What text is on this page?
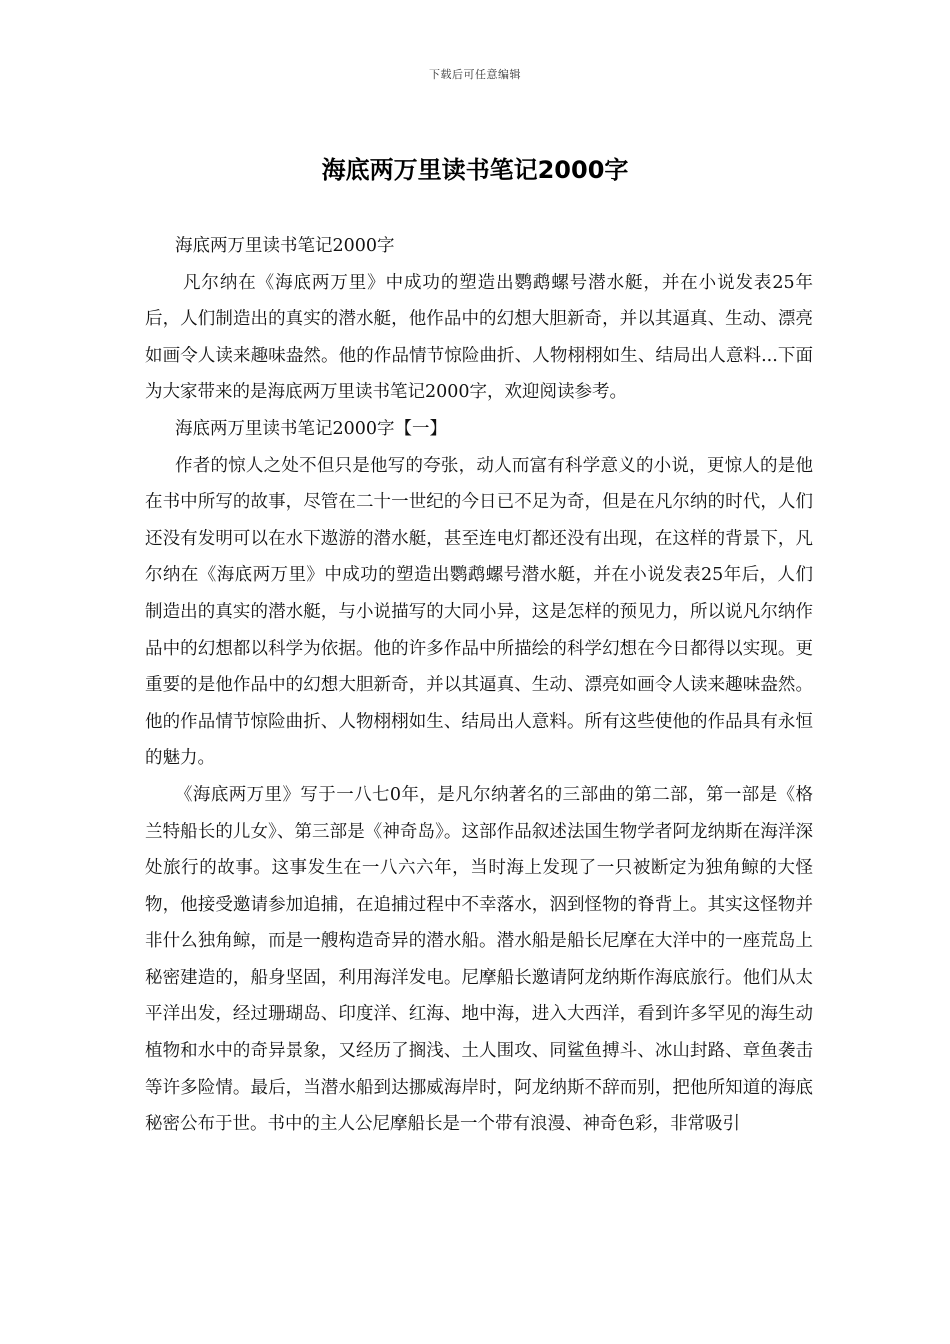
下载后可任意编辑
海底两万里读书笔记2000字

海底两万里读书笔记2000字

凡尔纳在《海底两万里》中成功的塑造出鹦鹉螺号潜水艇，并在小说发表25年后，人们制造出的真实的潜水艇，他作品中的幻想大胆新奇，并以其逼真、生动、漂亮如画令人读来趣味盎然。他的作品情节惊险曲折、人物栩栩如生、结局出人意料...下面为大家带来的是海底两万里读书笔记2000字，欢迎阅读参考。

海底两万里读书笔记2000字【一】

作者的惊人之处不但只是他写的夸张，动人而富有科学意义的小说，更惊人的是他在书中所写的故事，尽管在二十一世纪的今日已不足为奇，但是在凡尔纳的时代，人们还没有发明可以在水下遨游的潜水艇，甚至连电灯都还没有出现，在这样的背景下，凡尔纳在《海底两万里》中成功的塑造出鹦鹉螺号潜水艇，并在小说发表25年后，人们制造出的真实的潜水艇，与小说描写的大同小异，这是怎样的预见力，所以说凡尔纳作品中的幻想都以科学为依据。他的许多作品中所描绘的科学幻想在今日都得以实现。更重要的是他作品中的幻想大胆新奇，并以其逼真、生动、漂亮如画令人读来趣味盎然。他的作品情节惊险曲折、人物栩栩如生、结局出人意料。所有这些使他的作品具有永恒的魅力。

《海底两万里》写于一八七0年，是凡尔纳著名的三部曲的第二部，第一部是《格兰特船长的儿女》、第三部是《神奇岛》。这部作品叙述法国生物学者阿龙纳斯在海洋深处旅行的故事。这事发生在一八六六年，当时海上发现了一只被断定为独角鲸的大怪物，他接受邀请参加追捕，在追捕过程中不幸落水，泅到怪物的脊背上。其实这怪物并非什么独角鲸，而是一艘构造奇异的潜水船。潜水船是船长尼摩在大洋中的一座荒岛上秘密建造的，船身坚固，利用海洋发电。尼摩船长邀请阿龙纳斯作海底旅行。他们从太平洋出发，经过珊瑚岛、印度洋、红海、地中海，进入大西洋，看到许多罕见的海生动植物和水中的奇异景象，又经历了搁浅、土人围攻、同鲨鱼搏斗、冰山封路、章鱼袭击等许多险情。最后，当潜水船到达挪威海岸时，阿龙纳斯不辞而别，把他所知道的海底秘密公布于世。书中的主人公尼摩船长是一个带有浪漫、神奇色彩，非常吸引
